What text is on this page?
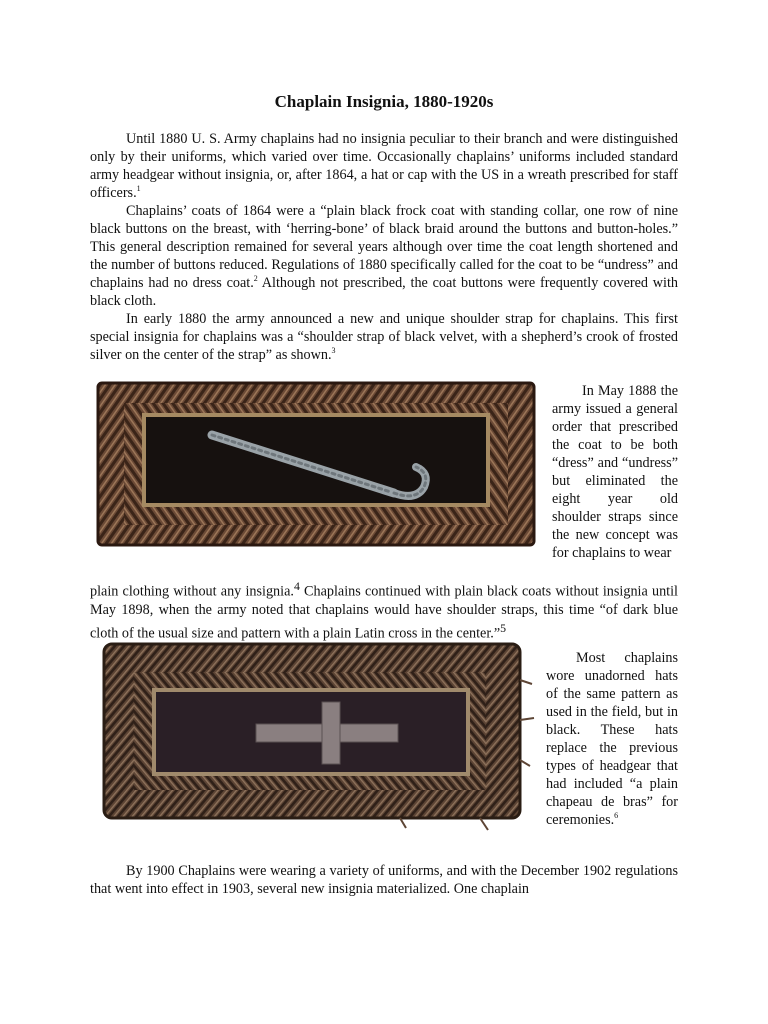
Chaplain Insignia, 1880-1920s

Until 1880 U. S. Army chaplains had no insignia peculiar to their branch and were distinguished only by their uniforms, which varied over time. Occasionally chaplains’ uniforms included standard army headgear without insignia, or, after 1864, a hat or cap with the US in a wreath prescribed for staff officers.$^1$

Chaplains’ coats of 1864 were a “plain black frock coat with standing collar, one row of nine black buttons on the breast, with ‘herring-bone’ of black braid around the buttons and button-holes.” This general description remained for several years although over time the coat length shortened and the number of buttons reduced. Regulations of 1880 specifically called for the coat to be “undress” and chaplains had no dress coat.$^2$ Although not prescribed, the coat buttons were frequently covered with black cloth.

In early 1880 the army announced a new and unique shoulder strap for chaplains. This first special insignia for chaplains was a “shoulder strap of black velvet, with a shepherd’s crook of frosted silver on the center of the strap” as shown.$^3$

In May 1888 the army issued a general order that prescribed the coat to be both “dress” and “undress” but eliminated the eight year old shoulder straps since the new concept was for chaplains to wear

plain clothing without any insignia.$^4$ Chaplains continued with plain black coats without insignia until May 1898, when the army noted that chaplains would have shoulder straps, this time “of dark blue cloth of the usual size and pattern with a plain Latin cross in the center.”$^5$

Most chaplains wore unadorned hats of the same pattern as used in the field, but in black. These hats replace the previous types of headgear that had included “a plain chapeau de bras” for ceremonies.$^6$

By 1900 Chaplains were wearing a variety of uniforms, and with the December 1902 regulations that went into effect in 1903, several new insignia materialized. One chaplain
